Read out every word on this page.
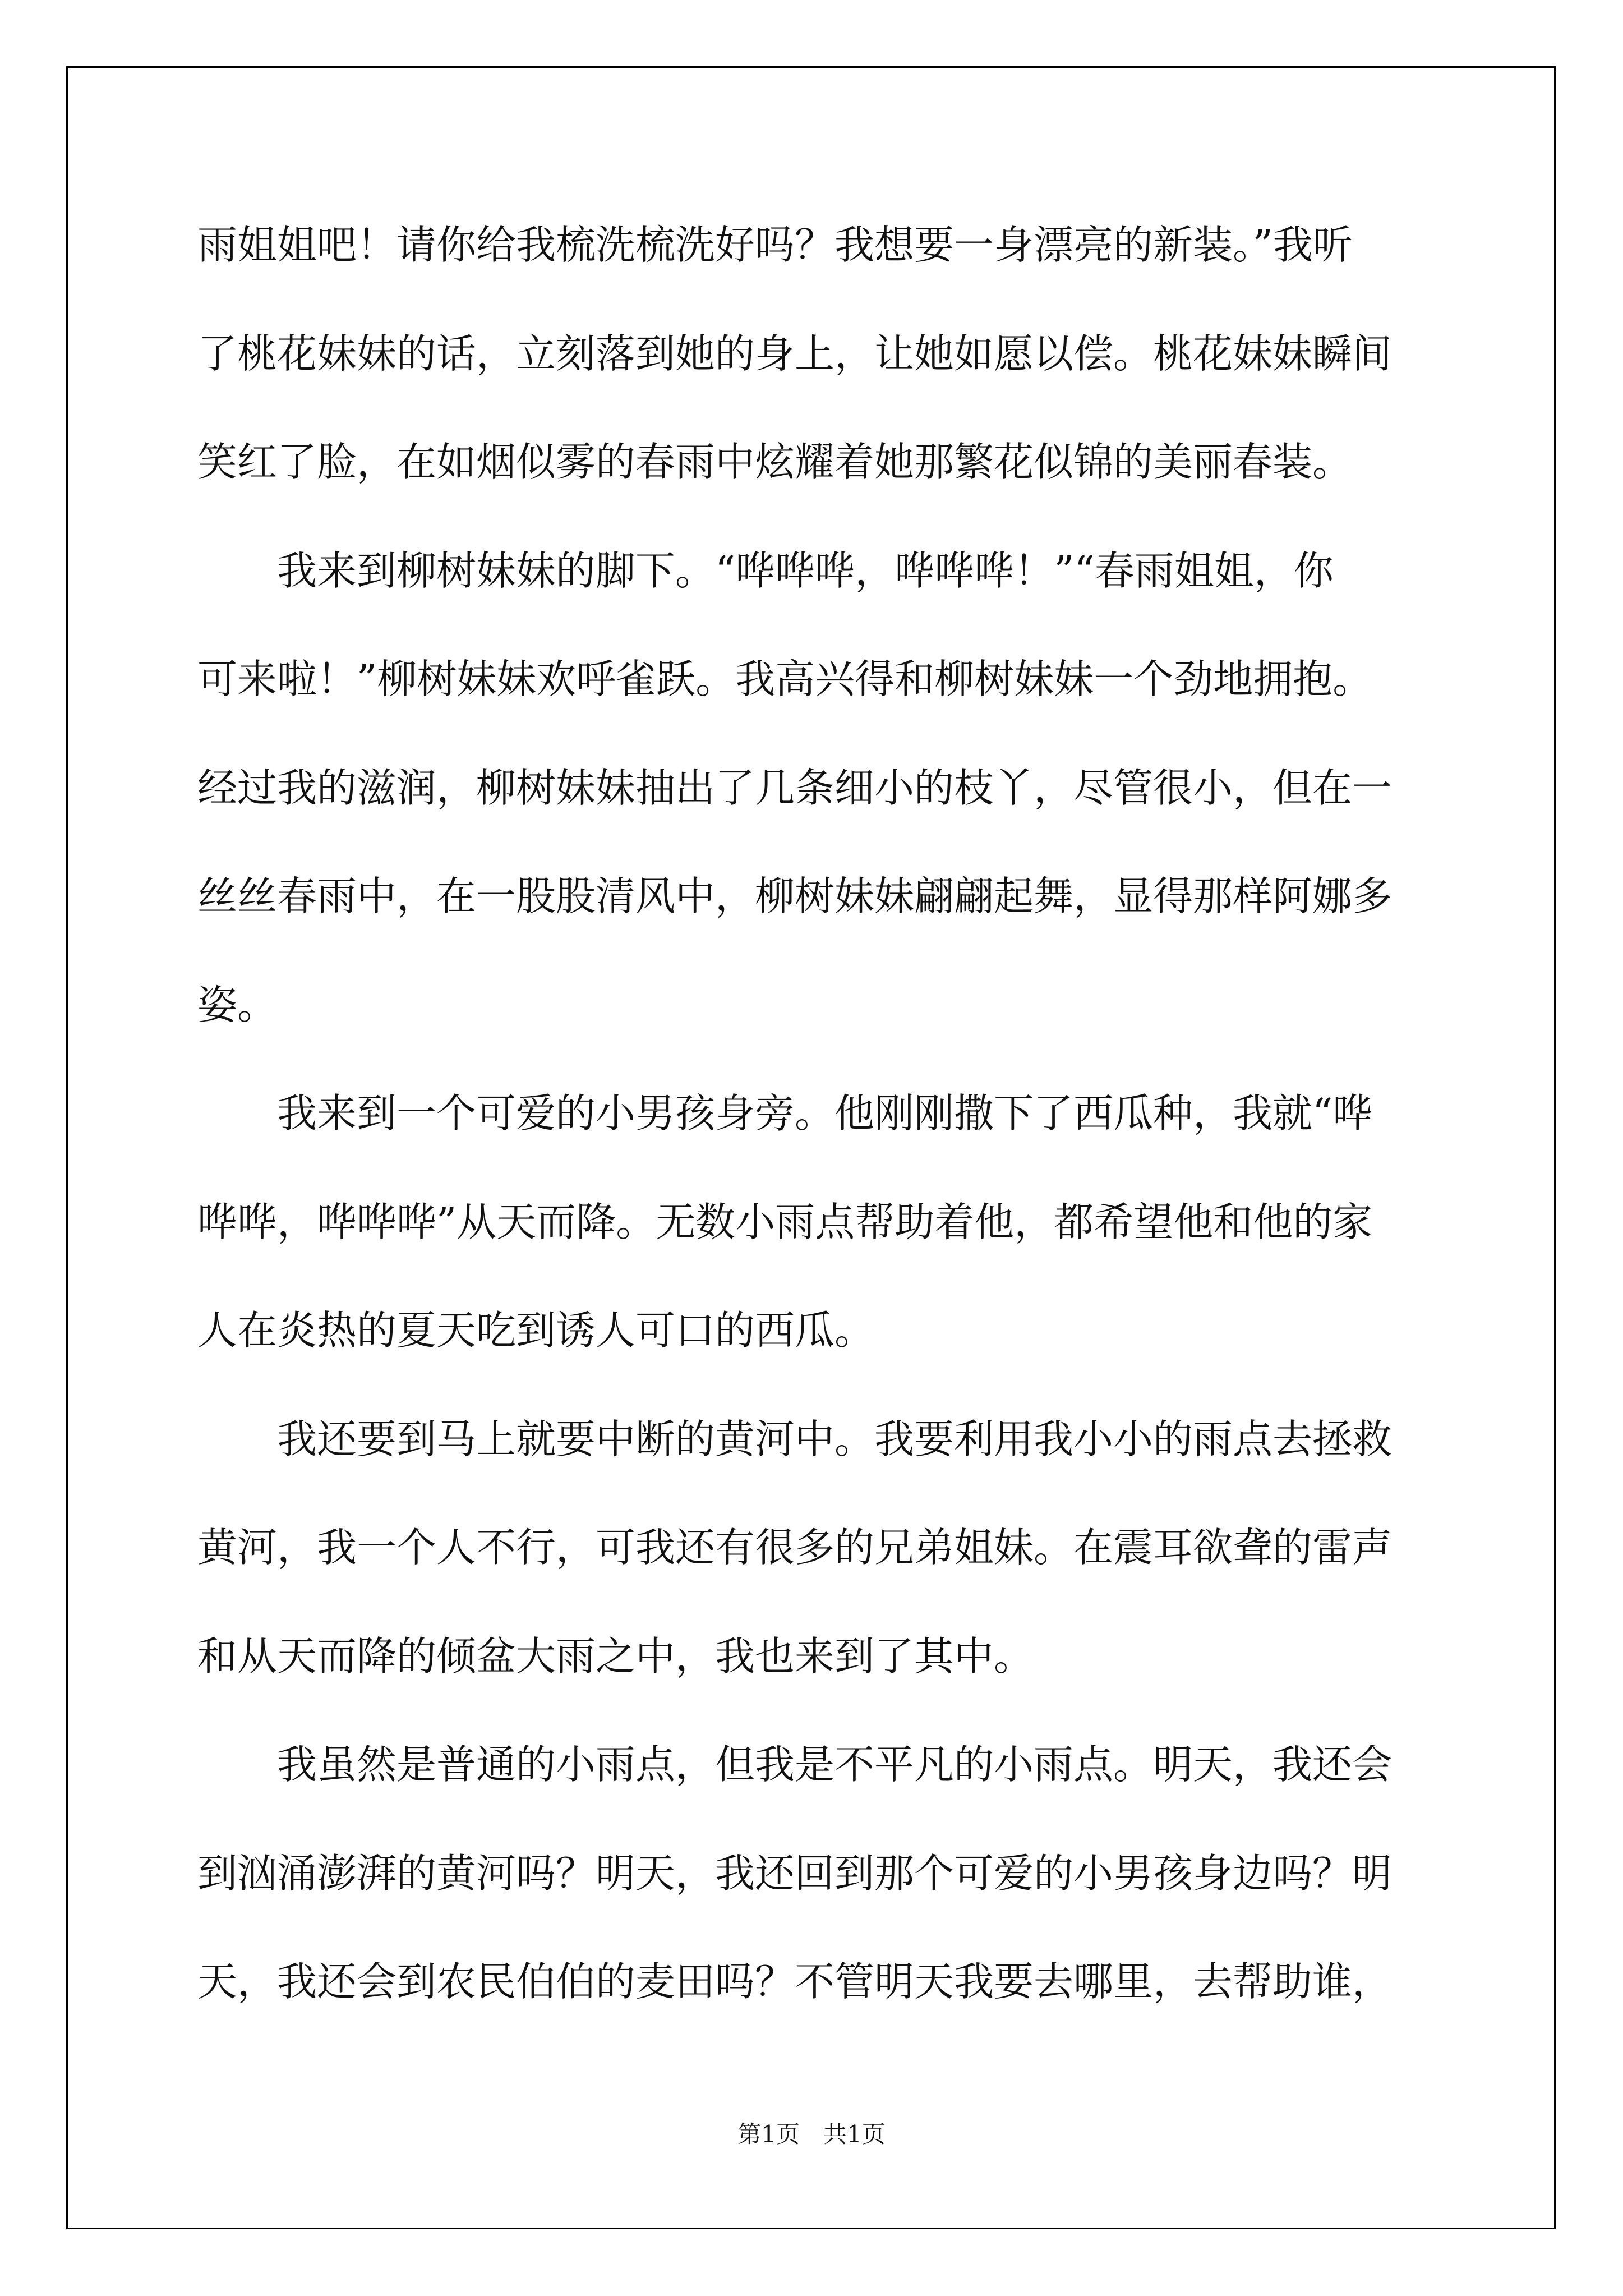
雨姐姐吧！请你给我梳洗梳洗好吗？我想要一身漂亮的新装。”我听
了桃花妹妹的话，立刻落到她的身上，让她如愿以偿。桃花妹妹瞬间
笑红了脸，在如烟似雾的春雨中炫耀着她那繁花似锦的美丽春装。
　　我来到柳树妹妹的脚下。“哗哗哗，哗哗哗！”“春雨姐姐，你
可来啦！”柳树妹妹欢呼雀跃。我高兴得和柳树妹妹一个劲地拥抱。
经过我的滋润，柳树妹妹抽出了几条细小的枝丫，尽管很小，但在一
丝丝春雨中，在一股股清风中，柳树妹妹翩翩起舞，显得那样阿娜多
姿。
　　我来到一个可爱的小男孩身旁。他刚刚撒下了西瓜种，我就“哗
哗哗，哗哗哗”从天而降。无数小雨点帮助着他，都希望他和他的家
人在炎热的夏天吃到诱人可口的西瓜。
　　我还要到马上就要中断的黄河中。我要利用我小小的雨点去拯救
黄河，我一个人不行，可我还有很多的兄弟姐妹。在震耳欲聋的雷声
和从天而降的倾盆大雨之中，我也来到了其中。
　　我虽然是普通的小雨点，但我是不平凡的小雨点。明天，我还会
到汹涌澎湃的黄河吗？明天，我还回到那个可爱的小男孩身边吗？明
天，我还会到农民伯伯的麦田吗？不管明天我要去哪里，去帮助谁，
第1页　共1页
